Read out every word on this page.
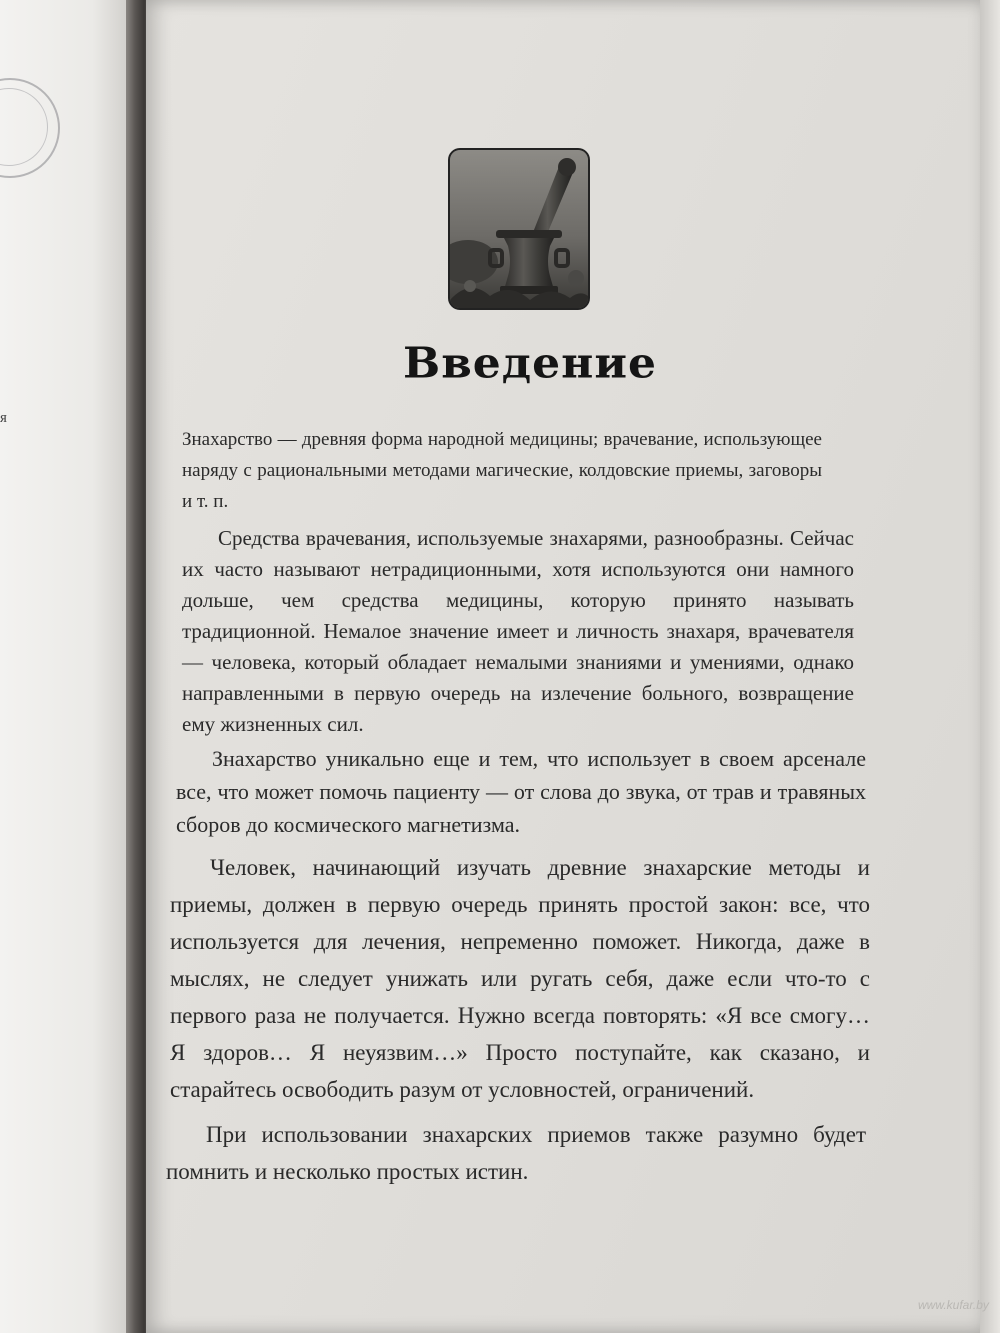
я
Введение

Знахарство — древняя форма народной медицины; врачевание, использующее наряду с рациональными методами магические, колдовские приемы, заговоры и т. п.

Средства врачевания, используемые знахарями, разнообразны. Сейчас их часто называют нетрадиционными, хотя используются они намного дольше, чем средства медицины, которую принято называть традиционной. Немалое значение имеет и личность знахаря, врачевателя — человека, который обладает немалыми знаниями и умениями, однако направленными в первую очередь на излечение больного, возвращение ему жизненных сил.

Знахарство уникально еще и тем, что использует в своем арсенале все, что может помочь пациенту — от слова до звука, от трав и травяных сборов до космического магнетизма.

Человек, начинающий изучать древние знахарские методы и приемы, должен в первую очередь принять простой закон: все, что используется для лечения, непременно поможет. Никогда, даже в мыслях, не следует унижать или ругать себя, даже если что-то с первого раза не получается. Нужно всегда повторять: «Я все смогу… Я здоров… Я неуязвим…» Просто поступайте, как сказано, и старайтесь освободить разум от условностей, ограничений.

При использовании знахарских приемов также разумно будет помнить и несколько простых истин.

www.kufar.by
